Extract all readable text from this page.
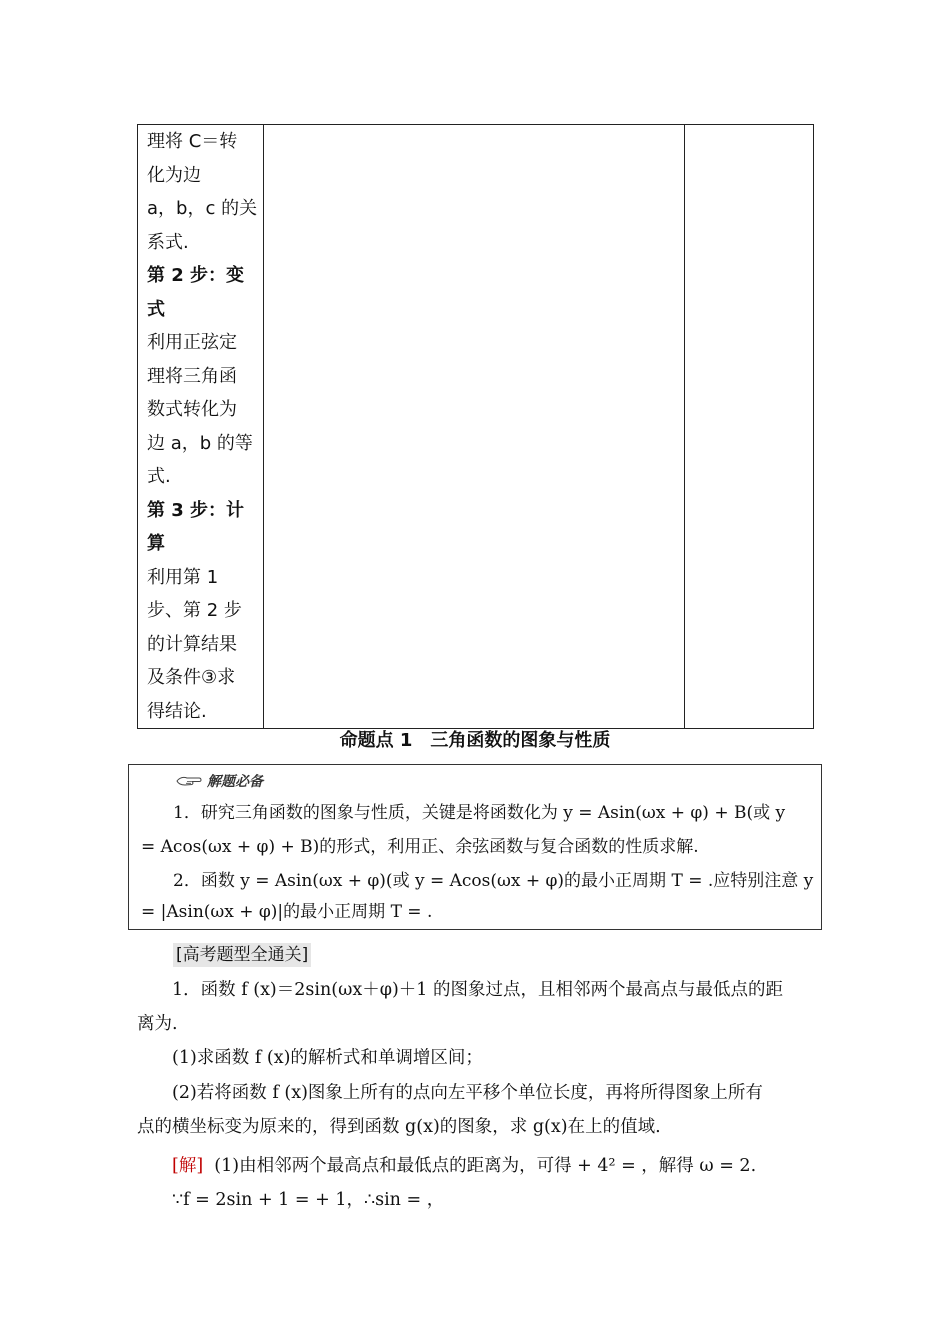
理将 C＝转
化为边
a，b，c 的关
系式.
第 2 步：变
式
利用正弦定
理将三角函
数式转化为
边 a，b 的等
式.
第 3 步：计
算
利用第 1
步、第 2 步
的计算结果
及条件③求
得结论.
命题点 1　三角函数的图象与性质
解题必备
1．研究三角函数的图象与性质，关键是将函数化为 y = Asin(ωx + φ) + B(或 y
= Acos(ωx + φ) + B)的形式，利用正、余弦函数与复合函数的性质求解.
2．函数 y = Asin(ωx + φ)(或 y = Acos(ωx + φ)的最小正周期 T = .应特别注意 y
= |Asin(ωx + φ)|的最小正周期 T = .
[高考题型全通关]
1．函数 f (x)＝2sin(ωx＋φ)＋1 的图象过点，且相邻两个最高点与最低点的距
离为.
(1)求函数 f (x)的解析式和单调增区间；
(2)若将函数 f (x)图象上所有的点向左平移个单位长度，再将所得图象上所有
点的横坐标变为原来的，得到函数 g(x)的图象，求 g(x)在上的值域.
[解] (1)由相邻两个最高点和最低点的距离为，可得 + 4² = ，解得 ω = 2.
∵f = 2sin + 1 = + 1，∴sin = ，
